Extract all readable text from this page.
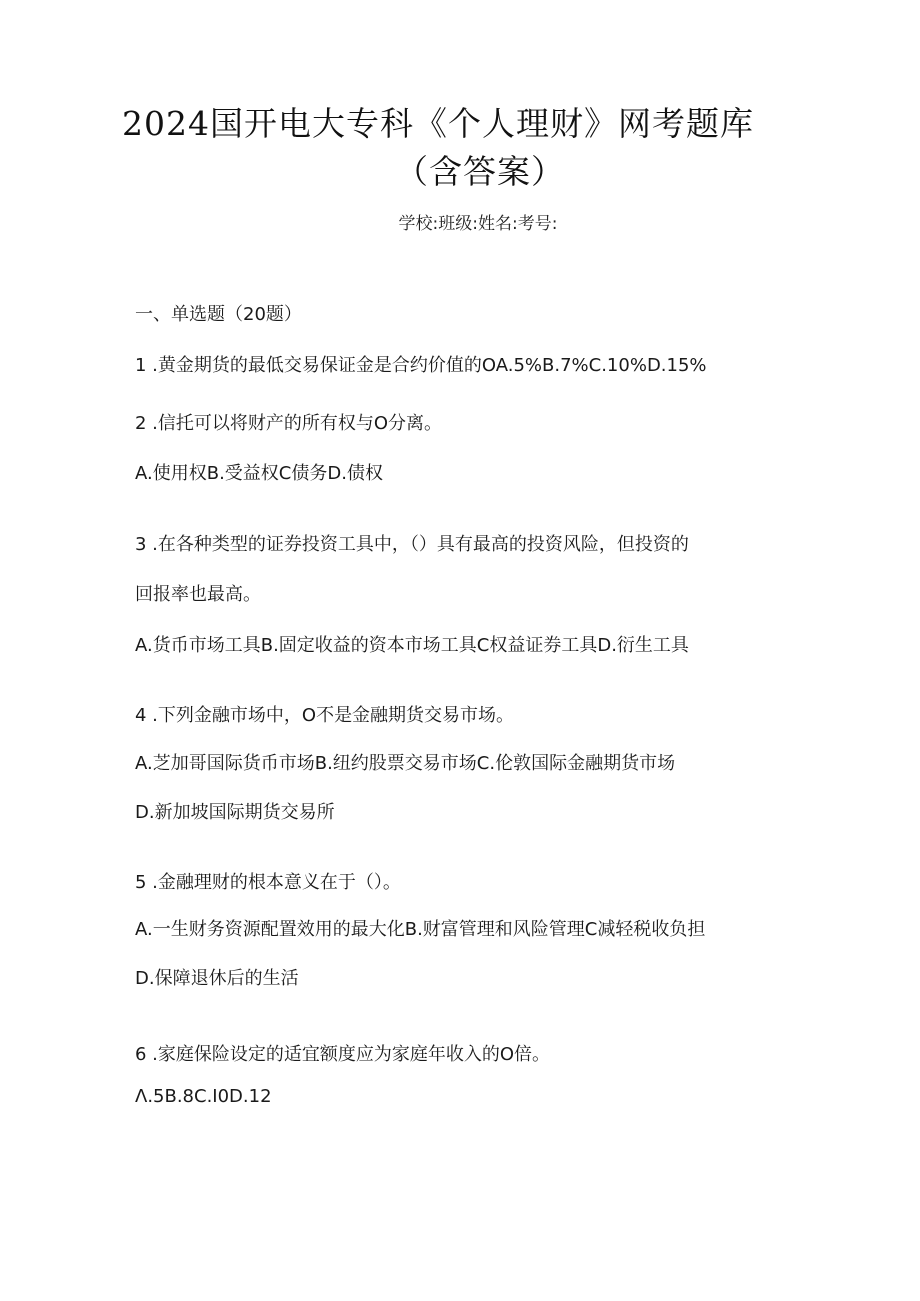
2024国开电大专科《个人理财》网考题库
（含答案）
学校:班级:姓名:考号:
一、单选题（20题）
1 .黄金期货的最低交易保证金是合约价值的OA.5%B.7%C.10%D.15%
2 .信托可以将财产的所有权与O分离。
A.使用权B.受益权C债务D.债权
3 .在各种类型的证券投资工具中，（）具有最高的投资风险，但投资的
回报率也最高。
A.货币市场工具B.固定收益的资本市场工具C权益证券工具D.衍生工具
4 .下列金融市场中，O不是金融期货交易市场。
A.芝加哥国际货币市场B.纽约股票交易市场C.伦敦国际金融期货市场
D.新加坡国际期货交易所
5 .金融理财的根本意义在于（）。
A.一生财务资源配置效用的最大化B.财富管理和风险管理C减轻税收负担
D.保障退休后的生活
6 .家庭保险设定的适宜额度应为家庭年收入的O倍。
Λ.5B.8C.I0D.12
